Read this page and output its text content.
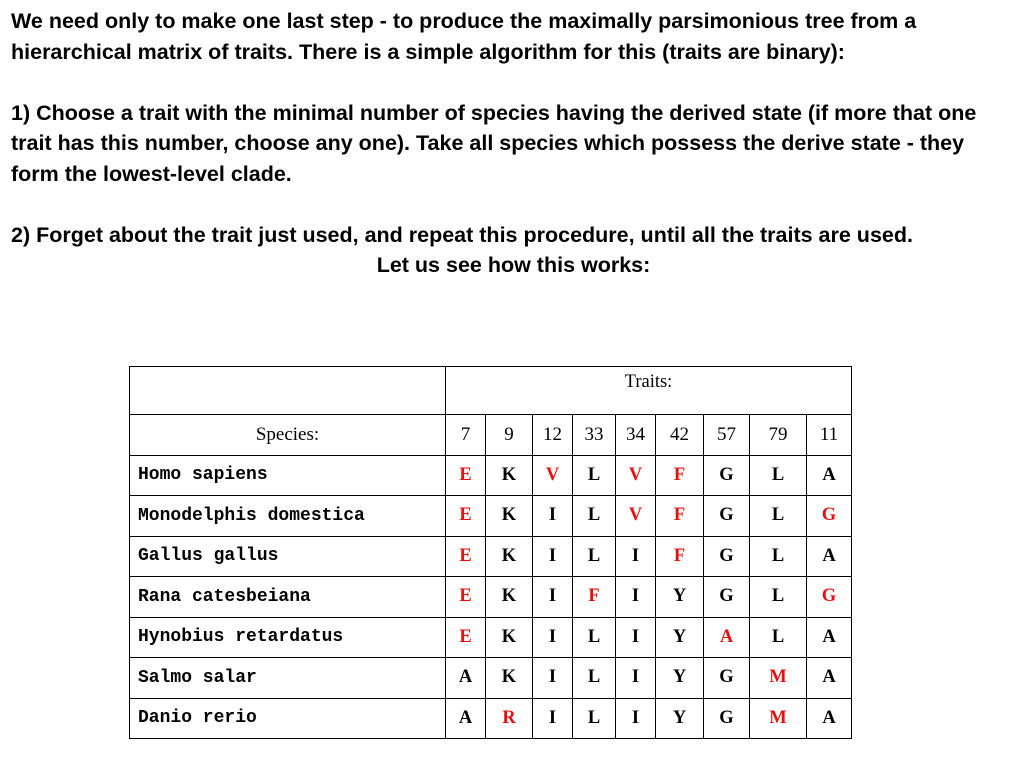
We need only to make one last step - to produce the maximally parsimonious tree from a hierarchical matrix of traits. There is a simple algorithm for this (traits are binary):

1) Choose a trait with the minimal number of species having the derived state (if more that one trait has this number, choose any one). Take all species which possess the derive state - they form the lowest-level clade.

2) Forget about the trait just used, and repeat this procedure, until all the traits are used.

Let us see how this works:

	Traits:								
Species:	7	9	12	33	34	42	57	79	11
Homo sapiens	E	K	V	L	V	F	G	L	A
Monodelphis domestica	E	K	I	L	V	F	G	L	G
Gallus gallus	E	K	I	L	I	F	G	L	A
Rana catesbeiana	E	K	I	F	I	Y	G	L	G
Hynobius retardatus	E	K	I	L	I	Y	A	L	A
Salmo salar	A	K	I	L	I	Y	G	M	A
Danio rerio	A	R	I	L	I	Y	G	M	A
